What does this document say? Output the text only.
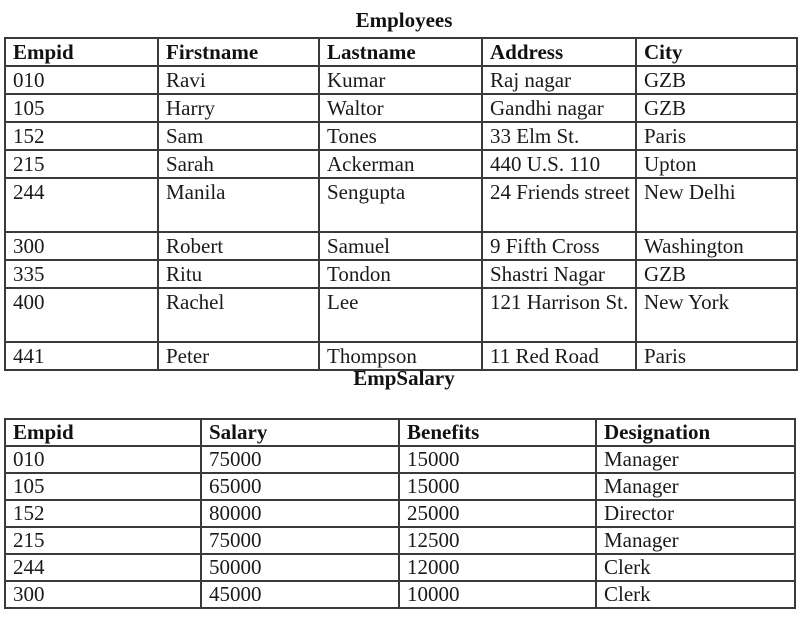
Employees
Empid	Firstname	Lastname	Address	City
010	Ravi	Kumar	Raj nagar	GZB
105	Harry	Waltor	Gandhi nagar	GZB
152	Sam	Tones	33 Elm St.	Paris
215	Sarah	Ackerman	440 U.S. 110	Upton
244	Manila	Sengupta	24 Friends street	New Delhi
300	Robert	Samuel	9 Fifth Cross	Washington
335	Ritu	Tondon	Shastri Nagar	GZB
400	Rachel	Lee	121 Harrison St.	New York
441	Peter	Thompson	11 Red Road	Paris
EmpSalary
Empid	Salary	Benefits	Designation
010	75000	15000	Manager
105	65000	15000	Manager
152	80000	25000	Director
215	75000	12500	Manager
244	50000	12000	Clerk
300	45000	10000	Clerk
